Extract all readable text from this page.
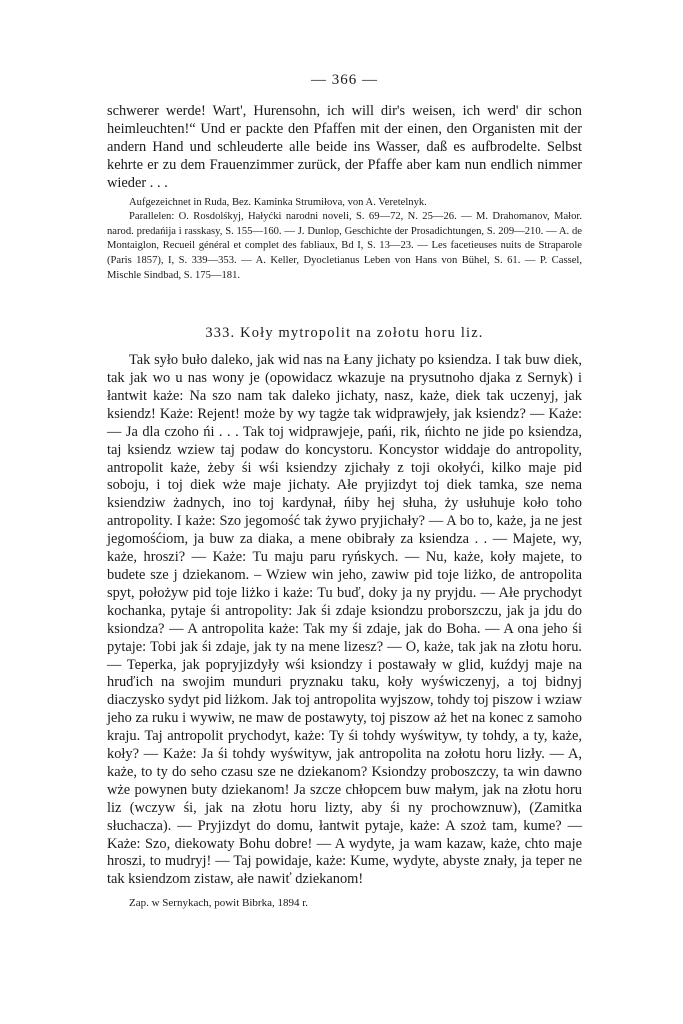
— 366 —

schwerer werde! Wart', Hurensohn, ich will dir's weisen, ich werd' dir schon heimleuchten!“ Und er packte den Pfaffen mit der einen, den Organisten mit der andern Hand und schleuderte alle beide ins Wasser, daß es aufbrodelte. Selbst kehrte er zu dem Frauenzimmer zurück, der Pfaffe aber kam nun endlich nimmer wieder . . .

Aufgezeichnet in Ruda, Bez. Kaminka Strumiłova, von A. Veretelnyk.

Parallelen: O. Rosdolśkyj, Hałyćki narodni noveli, S. 69—72, N. 25—26. — M. Drahomanov, Małor. narod. predańija i rasskasy, S. 155—160. — J. Dunlop, Geschichte der Prosadichtungen, S. 209—210. — A. de Montaiglon, Recueil général et complet des fabliaux, Bd I, S. 13—23. — Les facetieuses nuits de Straparole (Paris 1857), I, S. 339—353. — A. Keller, Dyocletianus Leben von Hans von Bühel, S. 61. — P. Cassel, Mischle Sindbad, S. 175—181.

333. Koły mytropolit na zołotu horu liz.

Tak syło buło daleko, jak wid nas na Łany jichaty po ksiendza. I tak buw diek, tak jak wo u nas wony je (opowidacz wkazuje na prysutnoho djaka z Sernyk) i łantwit każe: Na szo nam tak daleko jichaty, nasz, każe, diek tak uczenyj, jak ksiendz! Każe: Rejent! może by wy tagże tak widprawjeły, jak ksiendz? — Każe: — Ja dla czoho ńi . . . Tak toj widprawjeje, pańi, rik, ńichto ne jide po ksiendza, taj ksiendz wziew taj podaw do koncystoru. Koncystor widdaje do antropolity, antropolit każe, żeby śi wśi ksiendzy zjichały z toji okołyći, kilko maje pid soboju, i toj diek wże maje jichaty. Ałe pryjizdyt toj diek tamka, sze nema ksiendziw żadnych, ino toj kardynał, ńiby hej słuha, ży usłuhuje koło toho antropolity. I każe: Szo jegomość tak żywo pryjichały? — A bo to, każe, ja ne jest jegomośćiom, ja buw za diaka, a mene obibrały za ksiendza . . — Majete, wy, każe, hroszi? — Każe: Tu maju paru ryńskych. — Nu, każe, koły majete, to budete sze j dziekanom. – Wziew win jeho, zawiw pid toje liżko, de antropolita spyt, położyw pid toje liżko i każe: Tu buď, doky ja ny pryjdu. — Ałe prychodyt kochanka, pytaje śi antropolity: Jak śi zdaje ksiondzu proborszczu, jak ja jdu do ksiondza? — A antropolita każe: Tak my śi zdaje, jak do Boha. — A ona jeho śi pytaje: Tobi jak śi zdaje, jak ty na mene lizesz? — O, każe, tak jak na złotu horu. — Teperka, jak popryjizdyły wśi ksiondzy i postawały w glid, kuźdyj maje na hruďich na swojim munduri pryznaku taku, koły wyświczenyj, a toj bidnyj diaczysko sydyt pid liżkom. Jak toj antropolita wyjszow, tohdy toj piszow i wziaw jeho za ruku i wywiw, ne maw de postawyty, toj piszow aż het na konec z samoho kraju. Taj antropolit prychodyt, każe: Ty śi tohdy wyśwityw, ty tohdy, a ty, każe, koły? — Każe: Ja śi tohdy wyśwityw, jak antropolita na zołotu horu lizły. — A, każe, to ty do seho czasu sze ne dziekanom? Ksiondzy proboszczy, ta win dawno wże powynen buty dziekanom! Ja szcze chłopcem buw małym, jak na złotu horu liz (wczyw śi, jak na złotu horu lizty, aby śi ny prochowznuw), (Zamitka słuchacza). — Pryjizdyt do domu, łantwit pytaje, każe: A szoż tam, kume? — Każe: Szo, diekowaty Bohu dobre! — A wydyte, ja wam kazaw, każe, chto maje hroszi, to mudryj! — Taj powidaje, każe: Kume, wydyte, abyste znały, ja teper ne tak ksiendzom zistaw, ałe nawiť dziekanom!

Zap. w Sernykach, powit Bibrka, 1894 r.
